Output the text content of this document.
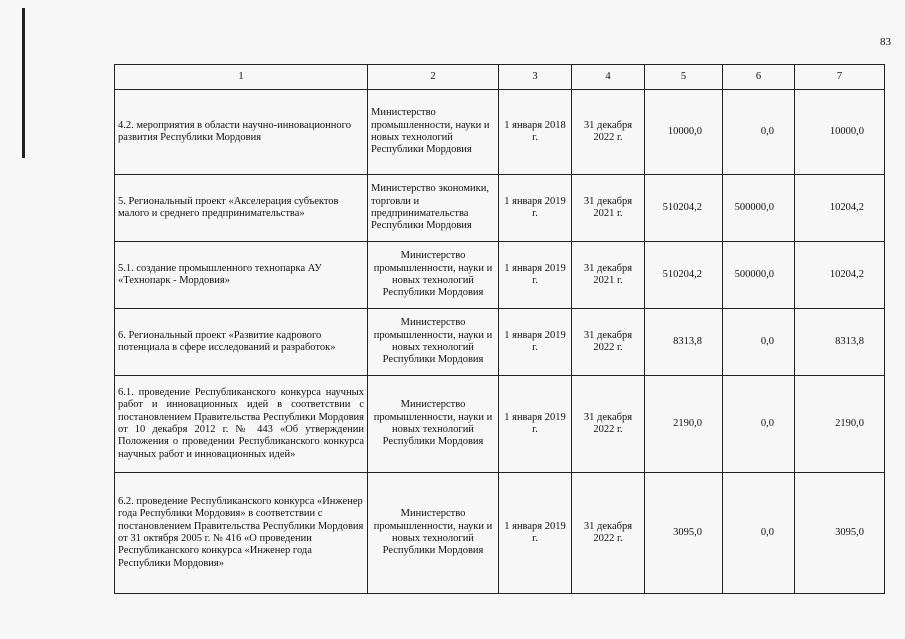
83
1	2	3	4	5	6	7
4.2. мероприятия в области научно-инновационного развития Республики Мордовия	Министерство промышленности, науки и новых технологий Республики Мордовия	1 января 2018 г.	31 декабря 2022 г.	10000,0	0,0	10000,0
5. Региональный проект «Акселерация субъектов малого и среднего предпринимательства»	Министерство экономики, торговли и предпринимательства Республики Мордовия	1 января 2019 г.	31 декабря 2021 г.	510204,2	500000,0	10204,2
5.1. создание промышленного технопарка АУ «Технопарк - Мордовия»	Министерство промышленности, науки и новых технологий Республики Мордовия	1 января 2019 г.	31 декабря 2021 г.	510204,2	500000,0	10204,2
6. Региональный проект «Развитие кадрового потенциала в сфере исследований и разработок»	Министерство промышленности, науки и новых технологий Республики Мордовия	1 января 2019 г.	31 декабря 2022 г.	8313,8	0,0	8313,8
6.1. проведение Республиканского конкурса научных работ и инновационных идей в соответствии с постановлением Правительства Республики Мордовия от 10 декабря 2012 г. № 443 «Об утверждении Положения о проведении Республиканского конкурса научных работ и инновационных идей»	Министерство промышленности, науки и новых технологий Республики Мордовия	1 января 2019 г.	31 декабря 2022 г.	2190,0	0,0	2190,0
6.2. проведение Республиканского конкурса «Инженер года Республики Мордовия» в соответствии с постановлением Правительства Республики Мордовия от 31 октября 2005 г. № 416 «О проведении Республиканского конкурса «Инженер года Республики Мордовия»	Министерство промышленности, науки и новых технологий Республики Мордовия	1 января 2019 г.	31 декабря 2022 г.	3095,0	0,0	3095,0
